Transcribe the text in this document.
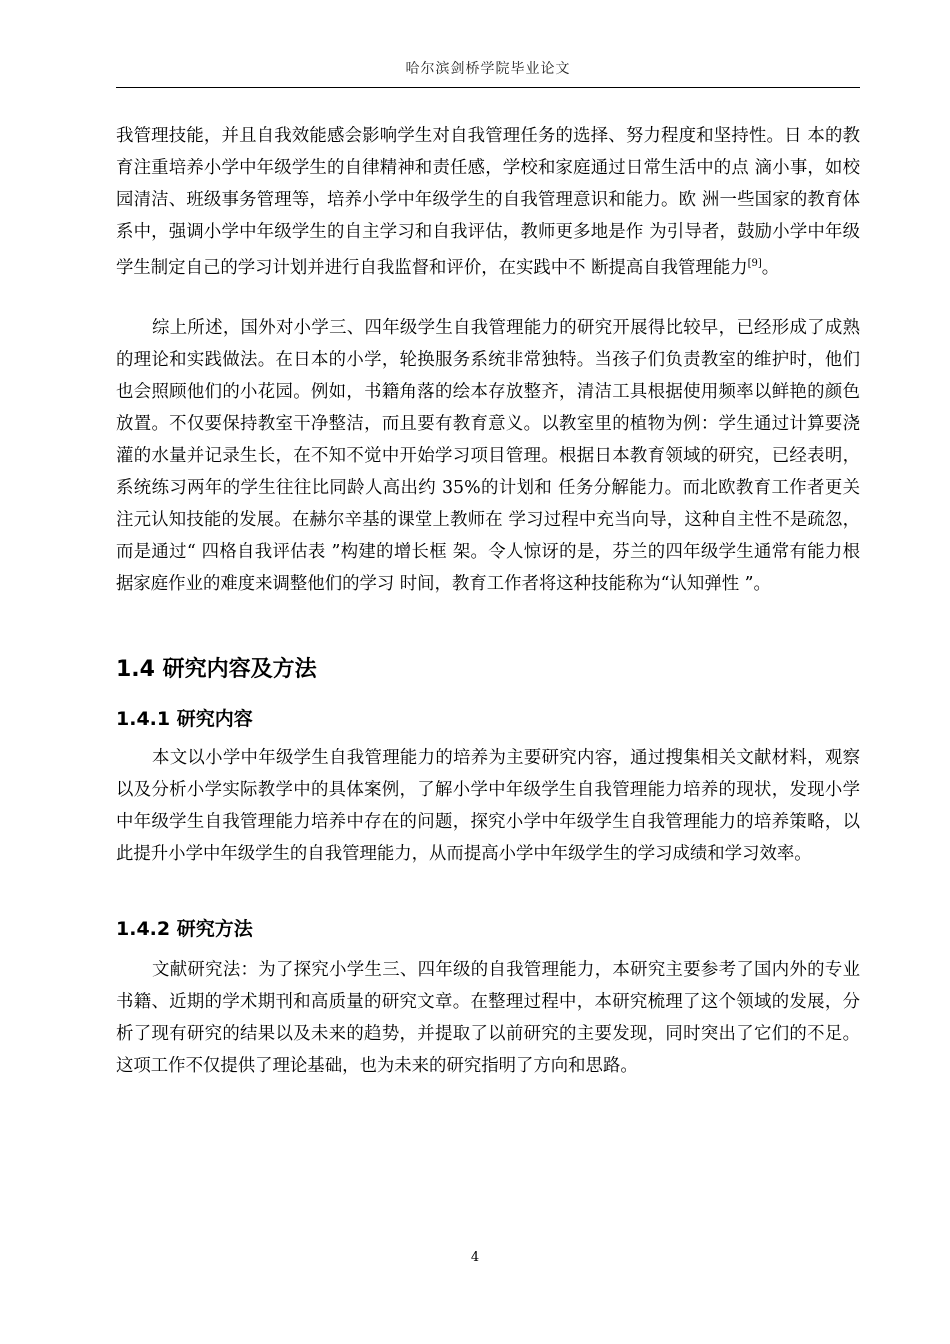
哈尔滨剑桥学院毕业论文

我管理技能，并且自我效能感会影响学生对自我管理任务的选择、努力程度和坚持性。日 本的教育注重培养小学中年级学生的自律精神和责任感，学校和家庭通过日常生活中的点 滴小事，如校园清洁、班级事务管理等，培养小学中年级学生的自我管理意识和能力。欧 洲一些国家的教育体系中，强调小学中年级学生的自主学习和自我评估，教师更多地是作 为引导者，鼓励小学中年级学生制定自己的学习计划并进行自我监督和评价，在实践中不 断提高自我管理能力[9]。

综上所述，国外对小学三、四年级学生自我管理能力的研究开展得比较早，已经形成了成熟的理论和实践做法。在日本的小学，轮换服务系统非常独特。当孩子们负责教室的维护时，他们也会照顾他们的小花园。例如，书籍角落的绘本存放整齐，清洁工具根据使用频率以鲜艳的颜色放置。不仅要保持教室干净整洁，而且要有教育意义。以教室里的植物为例：学生通过计算要浇灌的水量并记录生长，在不知不觉中开始学习项目管理。根据日本教育领域的研究，已经表明，系统练习两年的学生往往比同龄人高出约 35%的计划和 任务分解能力。而北欧教育工作者更关注元认知技能的发展。在赫尔辛基的课堂上教师在 学习过程中充当向导，这种自主性不是疏忽，而是通过“ 四格自我评估表 ”构建的增长框 架。令人惊讶的是，芬兰的四年级学生通常有能力根据家庭作业的难度来调整他们的学习 时间，教育工作者将这种技能称为“认知弹性 ”。

1.4 研究内容及方法
1.4.1 研究内容

本文以小学中年级学生自我管理能力的培养为主要研究内容，通过搜集相关文献材料，观察以及分析小学实际教学中的具体案例，了解小学中年级学生自我管理能力培养的现状，发现小学中年级学生自我管理能力培养中存在的问题，探究小学中年级学生自我管理能力的培养策略，以此提升小学中年级学生的自我管理能力，从而提高小学中年级学生的学习成绩和学习效率。

1.4.2 研究方法

文献研究法：为了探究小学生三、四年级的自我管理能力，本研究主要参考了国内外的专业书籍、近期的学术期刊和高质量的研究文章。在整理过程中，本研究梳理了这个领域的发展，分析了现有研究的结果以及未来的趋势，并提取了以前研究的主要发现，同时突出了它们的不足。这项工作不仅提供了理论基础，也为未来的研究指明了方向和思路。

4
